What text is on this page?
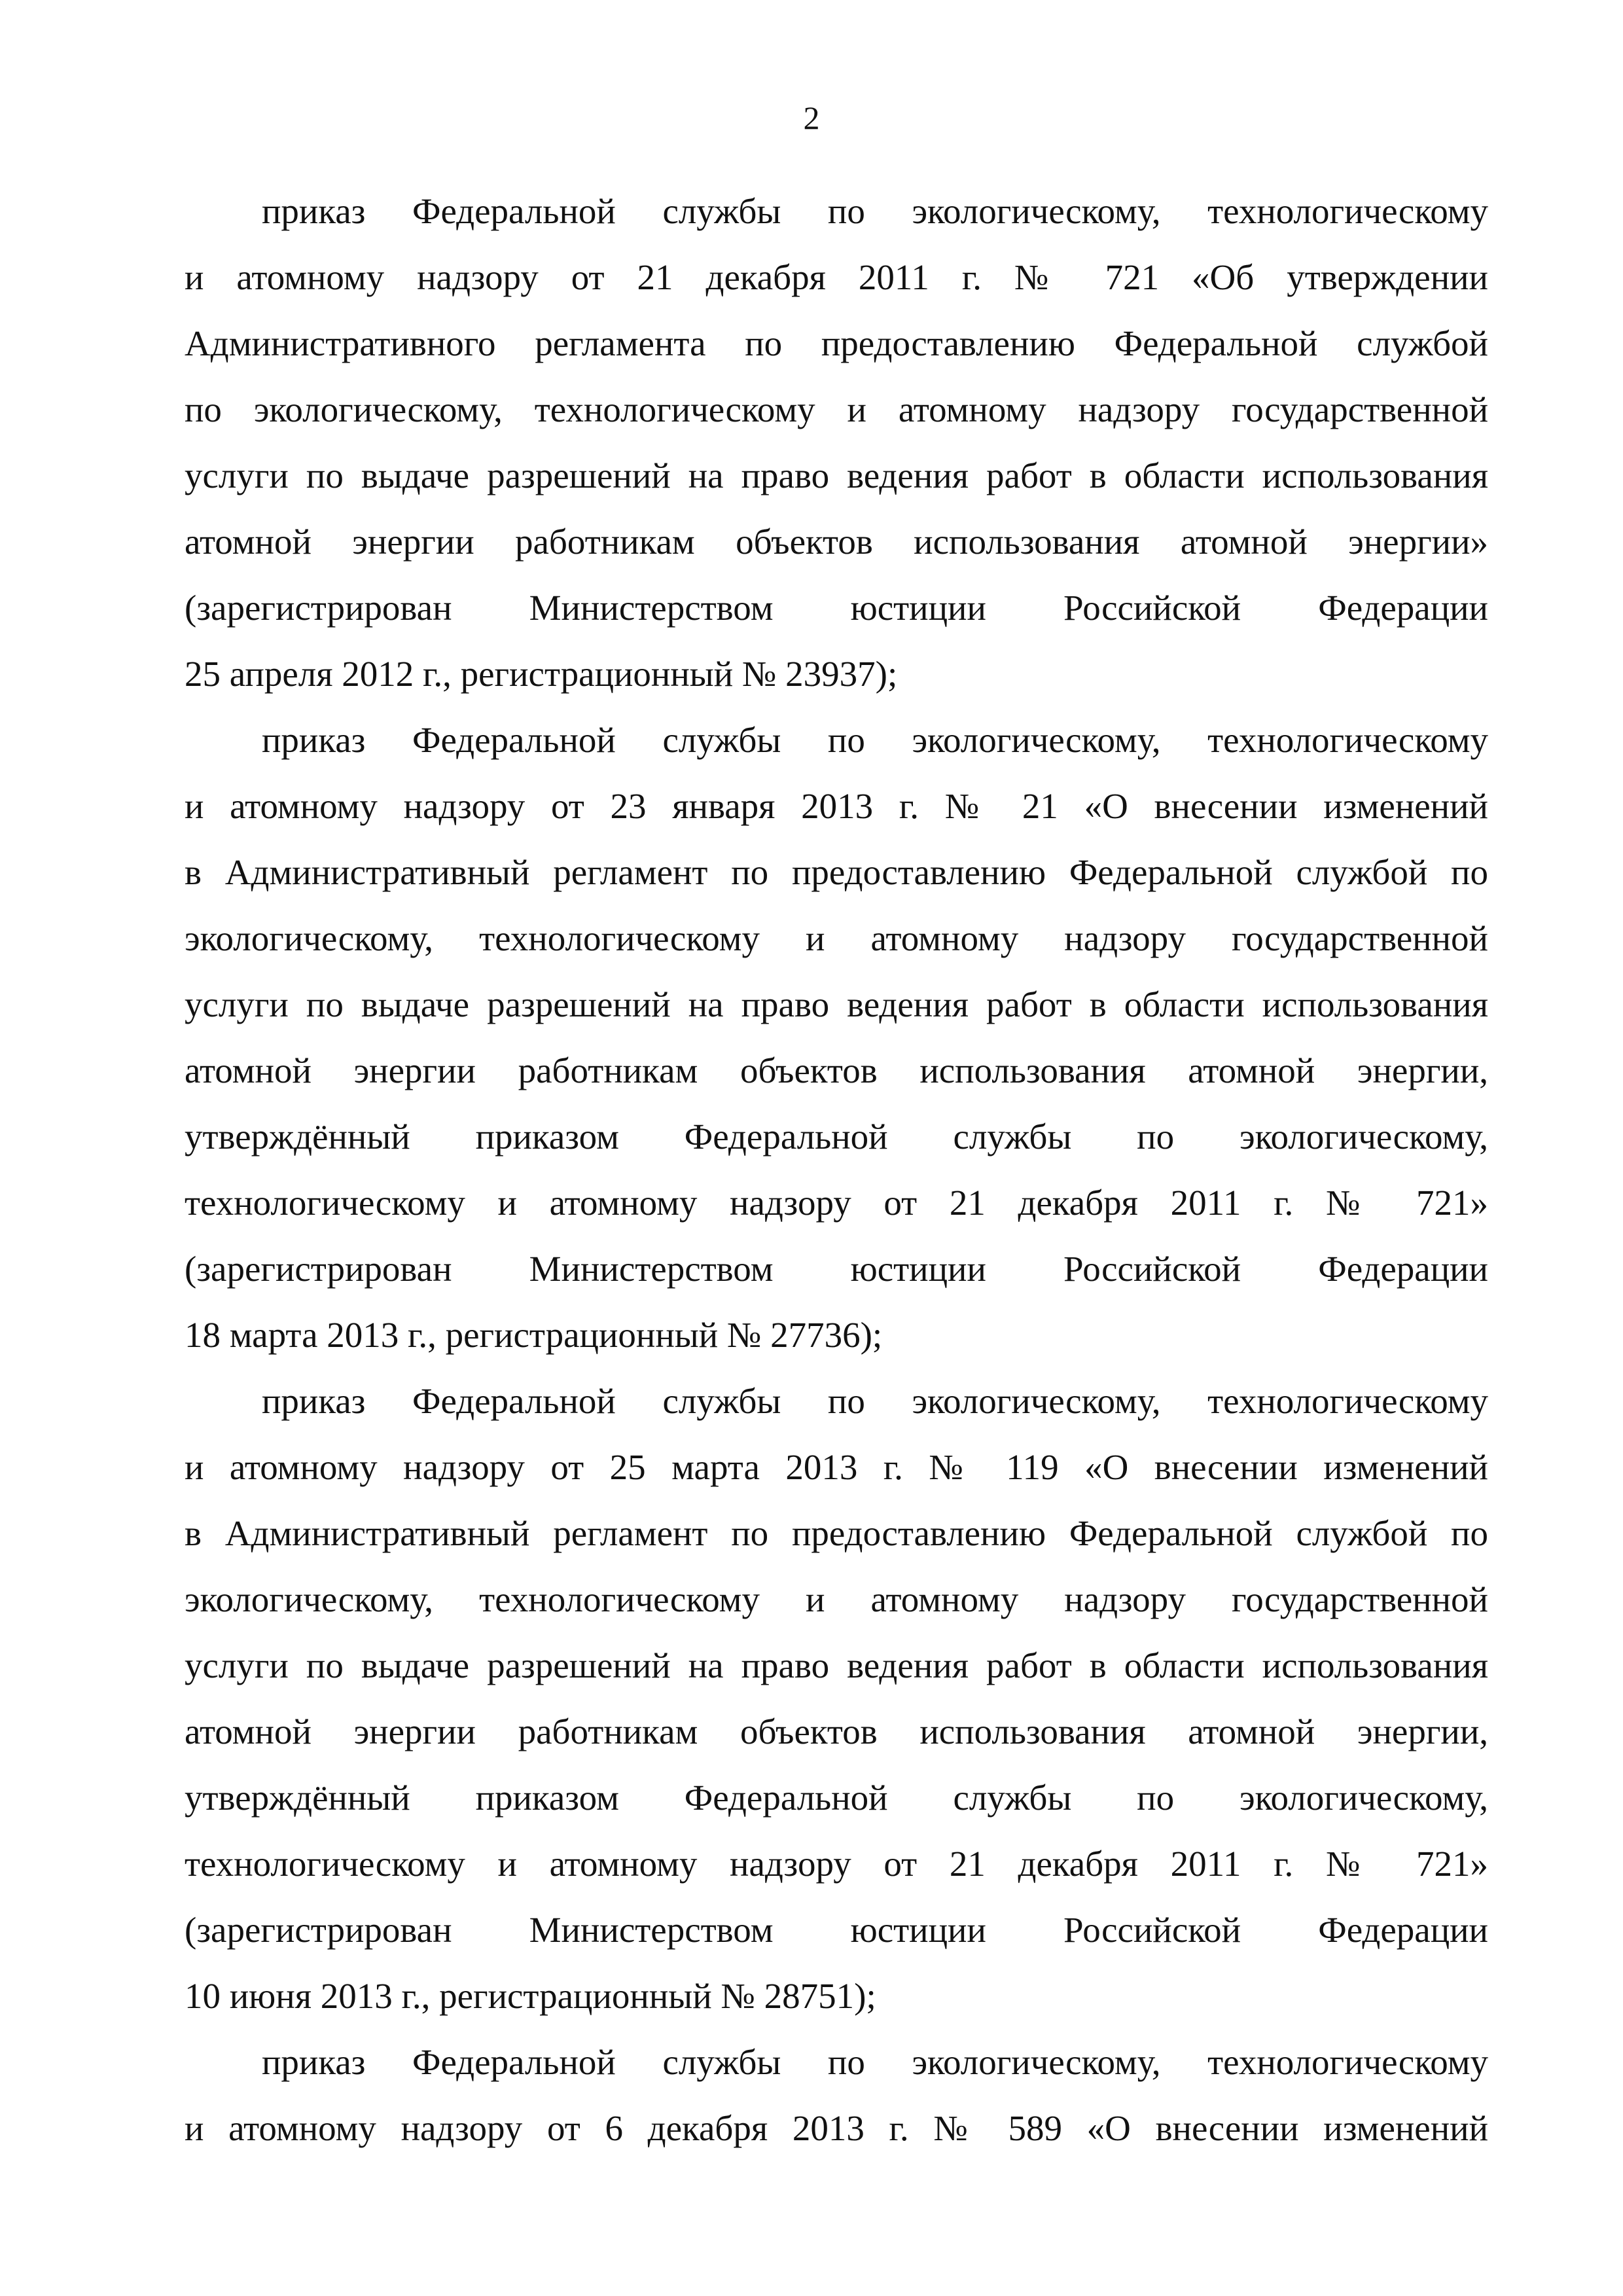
2

приказ Федеральной службы по экологическому, технологическому
и атомному надзору от 21 декабря 2011 г. № 721 «Об утверждении
Административного регламента по предоставлению Федеральной службой
по экологическому, технологическому и атомному надзору государственной
услуги по выдаче разрешений на право ведения работ в области использования
атомной энергии работникам объектов использования атомной энергии»
(зарегистрирован Министерством юстиции Российской Федерации
25 апреля 2012 г., регистрационный № 23937);

приказ Федеральной службы по экологическому, технологическому
и атомному надзору от 23 января 2013 г. № 21 «О внесении изменений
в Административный регламент по предоставлению Федеральной службой по
экологическому, технологическому и атомному надзору государственной
услуги по выдаче разрешений на право ведения работ в области использования
атомной энергии работникам объектов использования атомной энергии,
утверждённый приказом Федеральной службы по экологическому,
технологическому и атомному надзору от 21 декабря 2011 г. № 721»
(зарегистрирован Министерством юстиции Российской Федерации
18 марта 2013 г., регистрационный № 27736);

приказ Федеральной службы по экологическому, технологическому
и атомному надзору от 25 марта 2013 г. № 119 «О внесении изменений
в Административный регламент по предоставлению Федеральной службой по
экологическому, технологическому и атомному надзору государственной
услуги по выдаче разрешений на право ведения работ в области использования
атомной энергии работникам объектов использования атомной энергии,
утверждённый приказом Федеральной службы по экологическому,
технологическому и атомному надзору от 21 декабря 2011 г. № 721»
(зарегистрирован Министерством юстиции Российской Федерации
10 июня 2013 г., регистрационный № 28751);

приказ Федеральной службы по экологическому, технологическому
и атомному надзору от 6 декабря 2013 г. № 589 «О внесении изменений
